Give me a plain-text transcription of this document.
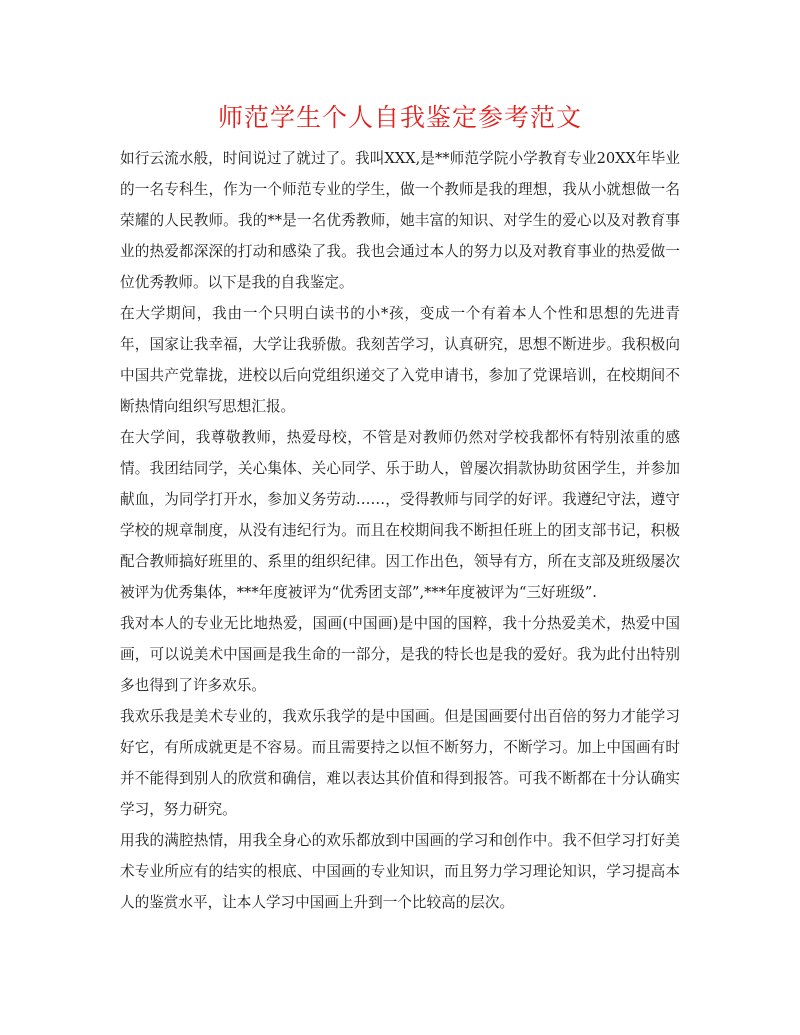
师范学生个人自我鉴定参考范文

如行云流水般，时间说过了就过了。我叫XXX,是**师范学院小学教育专业20XX年毕业的一名专科生，作为一个师范专业的学生，做一个教师是我的理想，我从小就想做一名荣耀的人民教师。我的**是一名优秀教师，她丰富的知识、对学生的爱心以及对教育事业的热爱都深深的打动和感染了我。我也会通过本人的努力以及对教育事业的热爱做一位优秀教师。以下是我的自我鉴定。

在大学期间，我由一个只明白读书的小*孩，变成一个有着本人个性和思想的先进青年，国家让我幸福，大学让我骄傲。我刻苦学习，认真研究，思想不断进步。我积极向中国共产党靠拢，进校以后向党组织递交了入党申请书，参加了党课培训，在校期间不断热情向组织写思想汇报。

在大学间，我尊敬教师，热爱母校，不管是对教师仍然对学校我都怀有特别浓重的感情。我团结同学，关心集体、关心同学、乐于助人，曾屡次捐款协助贫困学生，并参加献血，为同学打开水，参加义务劳动……，受得教师与同学的好评。我遵纪守法，遵守学校的规章制度，从没有违纪行为。而且在校期间我不断担任班上的团支部书记，积极配合教师搞好班里的、系里的组织纪律。因工作出色，领导有方，所在支部及班级屡次被评为优秀集体，***年度被评为“优秀团支部”,***年度被评为“三好班级”.

我对本人的专业无比地热爱，国画(中国画)是中国的国粹，我十分热爱美术，热爱中国画，可以说美术中国画是我生命的一部分，是我的特长也是我的爱好。我为此付出特别多也得到了许多欢乐。

我欢乐我是美术专业的，我欢乐我学的是中国画。但是国画要付出百倍的努力才能学习好它，有所成就更是不容易。而且需要持之以恒不断努力，不断学习。加上中国画有时并不能得到别人的欣赏和确信，难以表达其价值和得到报答。可我不断都在十分认确实学习，努力研究。

用我的满腔热情，用我全身心的欢乐都放到中国画的学习和创作中。我不但学习打好美术专业所应有的结实的根底、中国画的专业知识，而且努力学习理论知识，学习提高本人的鉴赏水平，让本人学习中国画上升到一个比较高的层次。
